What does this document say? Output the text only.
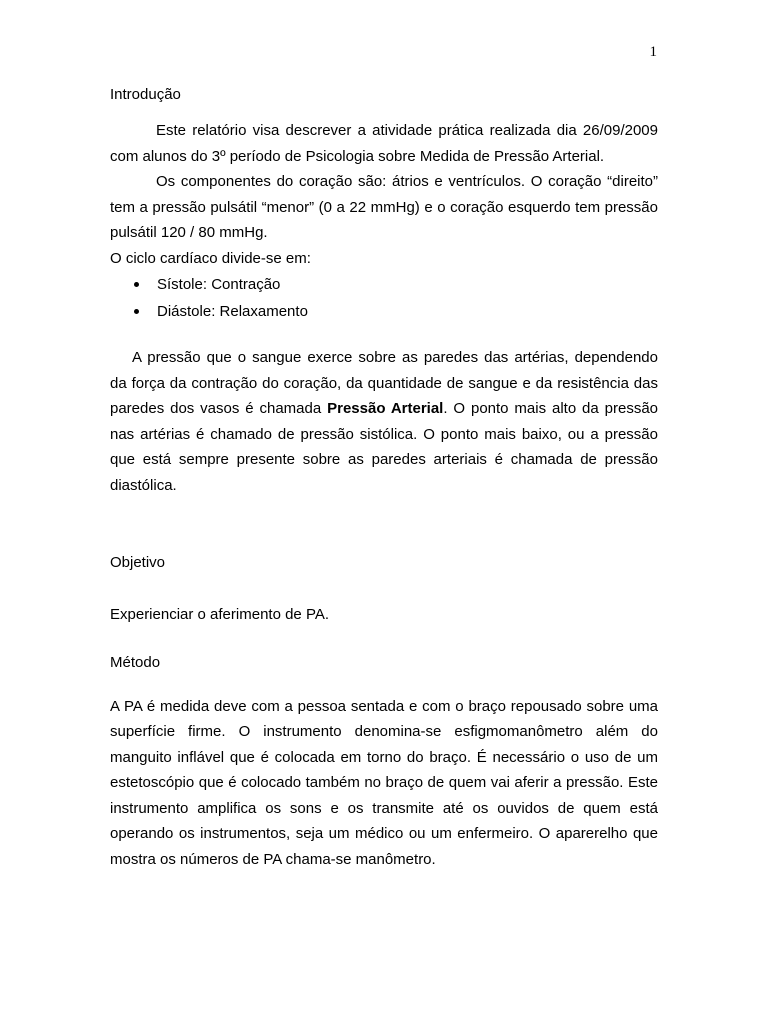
1
Introdução

Este relatório visa descrever a atividade prática realizada dia 26/09/2009 com alunos do 3º período de Psicologia sobre Medida de Pressão Arterial.

Os componentes do coração são: átrios e ventrículos. O coração “direito” tem a pressão pulsátil “menor” (0 a 22 mmHg) e o coração esquerdo tem pressão pulsátil 120 / 80 mmHg.

O ciclo cardíaco divide-se em:

Sístole: Contração
Diástole: Relaxamento

A pressão que o sangue exerce sobre as paredes das artérias, dependendo da força da contração do coração, da quantidade de sangue e da resistência das paredes dos vasos é chamada Pressão Arterial. O ponto mais alto da pressão nas artérias é chamado de pressão sistólica. O ponto mais baixo, ou a pressão que está sempre presente sobre as paredes arteriais é chamada de pressão diastólica.

Objetivo

Experienciar o aferimento de PA.

Método

A PA é medida deve com a pessoa sentada e com o braço repousado sobre uma superfície firme. O instrumento denomina-se esfigmomanômetro além do manguito inflável que é colocada em torno do braço. É necessário o uso de um estetoscópio que é colocado também no braço de quem vai aferir a pressão. Este instrumento amplifica os sons e os transmite até os ouvidos de quem está operando os instrumentos, seja um médico ou um enfermeiro. O aparerelho que mostra os números de PA chama-se manômetro.
